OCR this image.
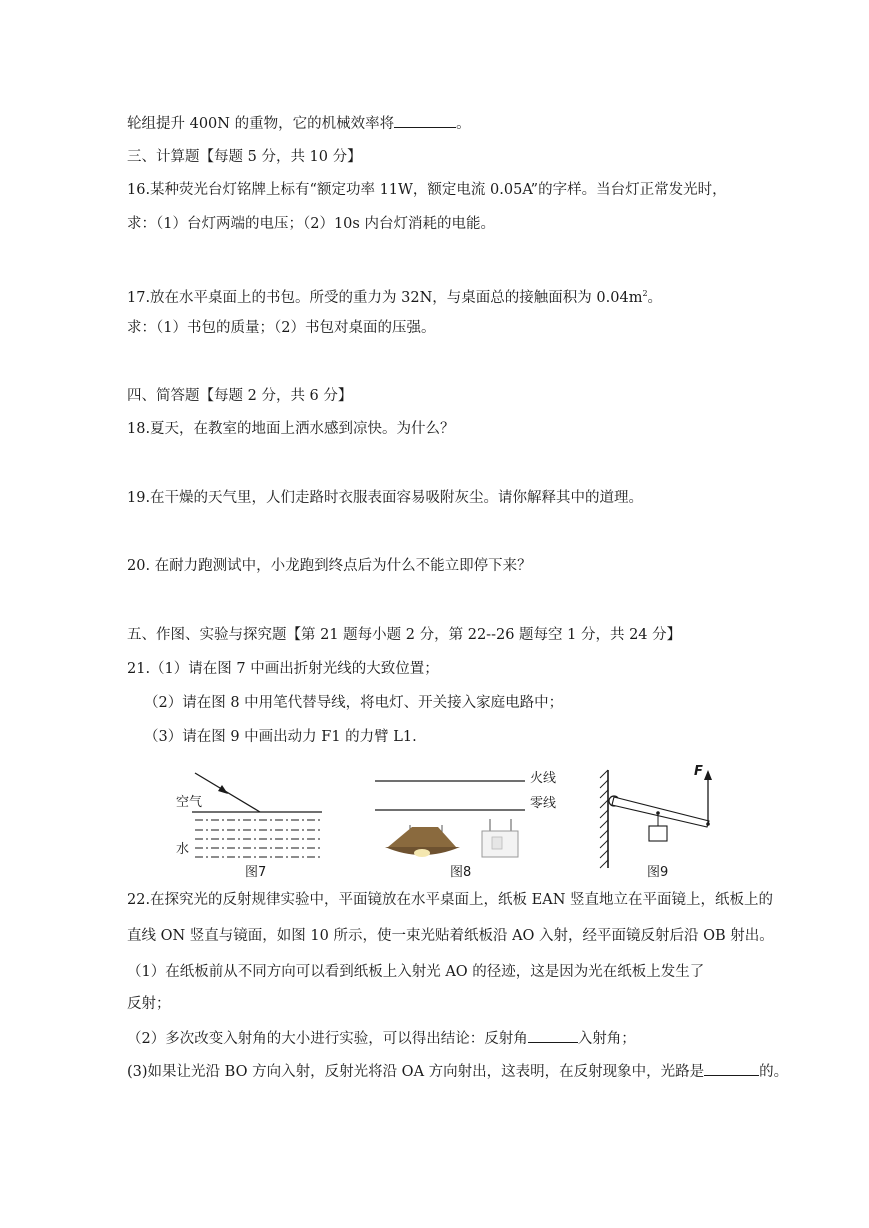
轮组提升 400N 的重物，它的机械效率将	。
三、计算题【每题 5 分，共 10 分】
16.某种荧光台灯铭牌上标有“额定功率 11W，额定电流 0.05A”的字样。当台灯正常发光时，
求：（1）台灯两端的电压；（2）10s 内台灯消耗的电能。
17.放在水平桌面上的书包。所受的重力为 32N，与桌面总的接触面积为 $0.04m^2$。
求：（1）书包的质量；（2）书包对桌面的压强。
四、简答题【每题 2 分，共 6 分】
18.夏天，在教室的地面上洒水感到凉快。为什么？
19.在干燥的天气里，人们走路时衣服表面容易吸附灰尘。请你解释其中的道理。
20. 在耐力跑测试中，小龙跑到终点后为什么不能立即停下来？
五、作图、实验与探究题【第 21 题每小题 2 分，第 22--26 题每空 1 分，共 24 分】
21.（1）请在图 7 中画出折射光线的大致位置；
（2）请在图 8 中用笔代替导线，将电灯、开关接入家庭电路中；
（3）请在图 9 中画出动力 F1 的力臂 L1.
空气
水
图7
火线
零线
图8
F
图9
22.在探究光的反射规律实验中，平面镜放在水平桌面上，纸板 EAN 竖直地立在平面镜上，纸板上的
直线 ON 竖直与镜面，如图 10 所示，使一束光贴着纸板沿 AO 入射，经平面镜反射后沿 OB 射出。
（1）在纸板前从不同方向可以看到纸板上入射光 AO 的径迹，这是因为光在纸板上发生了
反射；
（2）多次改变入射角的大小进行实验，可以得出结论：反射角	入射角；
(3)如果让光沿 BO 方向入射，反射光将沿 OA 方向射出，这表明，在反射现象中，光路是	的。
